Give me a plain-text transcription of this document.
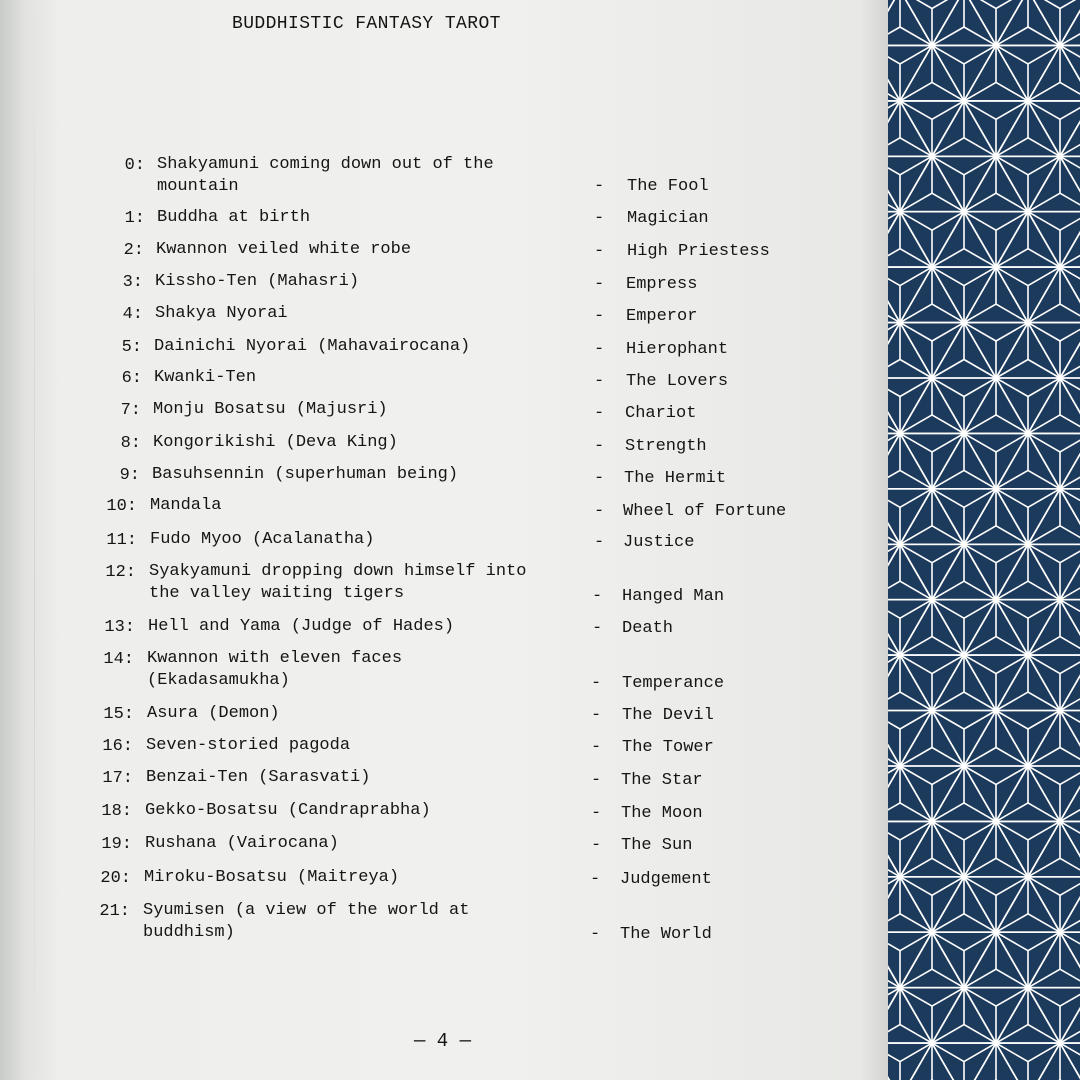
BUDDHISTIC FANTASY TAROT
0: Shakyamuni coming down out of the
mountain	- The Fool
1: Buddha at birth	- Magician
2: Kwannon veiled white robe	- High Priestess
3: Kissho-Ten (Mahasri)	- Empress
4: Shakya Nyorai	- Emperor
5: Dainichi Nyorai (Mahavairocana)	- Hierophant
6: Kwanki-Ten	- The Lovers
7: Monju Bosatsu (Majusri)	- Chariot
8: Kongorikishi (Deva King)	- Strength
9: Basuhsennin (superhuman being)	- The Hermit
10: Mandala	- Wheel of Fortune
11: Fudo Myoo (Acalanatha)	- Justice
12: Syakyamuni dropping down himself into
the valley waiting tigers	- Hanged Man
13: Hell and Yama (Judge of Hades)	- Death
14: Kwannon with eleven faces
(Ekadasamukha)	- Temperance
15: Asura (Demon)	- The Devil
16: Seven-storied pagoda	- The Tower
17: Benzai-Ten (Sarasvati)	- The Star
18: Gekko-Bosatsu (Candraprabha)	- The Moon
19: Rushana (Vairocana)	- The Sun
20: Miroku-Bosatsu (Maitreya)	- Judgement
21: Syumisen (a view of the world at
buddhism)	- The World
— 4 —
